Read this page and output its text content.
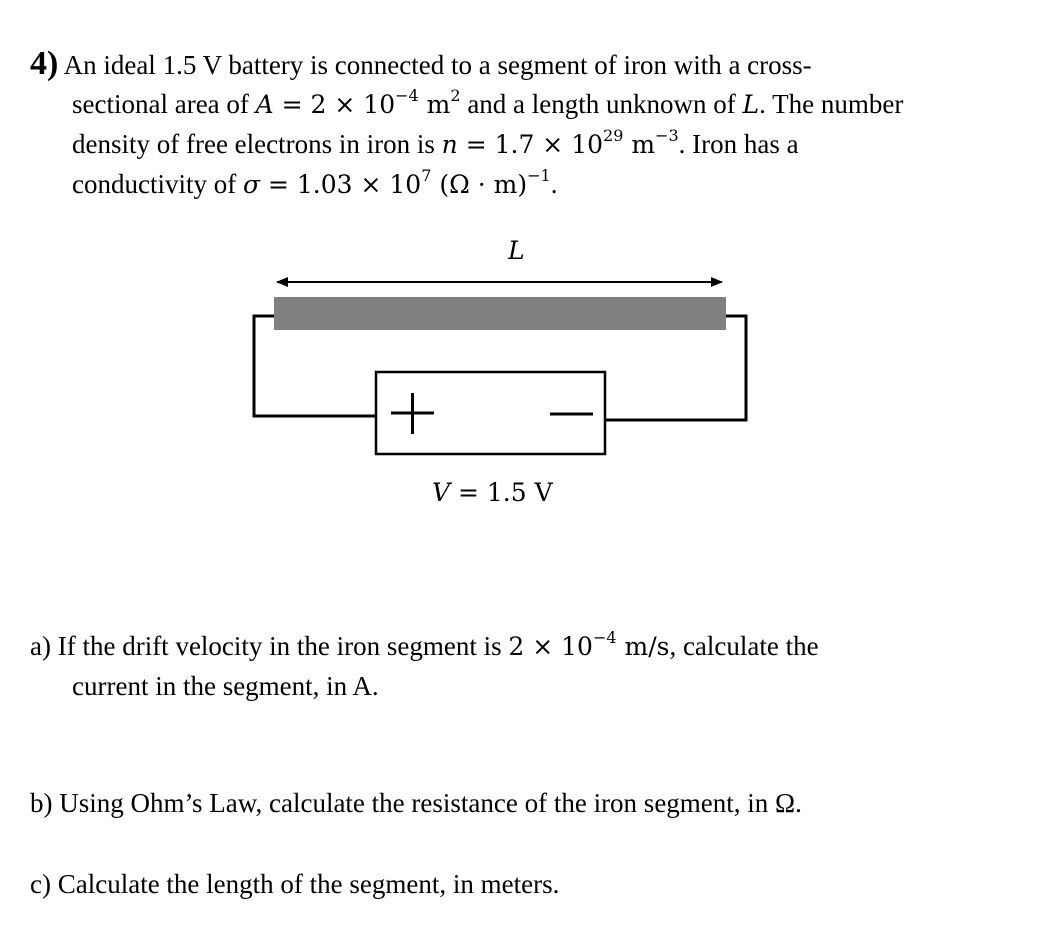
4) An ideal 1.5 V battery is connected to a segment of iron with a cross-
sectional area of $A = 2 \times 10^{-4}$ $m^2$ and a length unknown of L. The number
density of free electrons in iron is $n = 1.7 \times 10^{29}$ $m^{-3}$. Iron has a
conductivity of $\sigma = 1.03 \times 10^7$ $(\Omega \cdot m)^{-1}$.
L
V = 1.5 V
a) If the drift velocity in the iron segment is $2 \times 10^{-4}$ m/s, calculate the
current in the segment, in A.
b) Using Ohm’s Law, calculate the resistance of the iron segment, in Ω.
c) Calculate the length of the segment, in meters.
